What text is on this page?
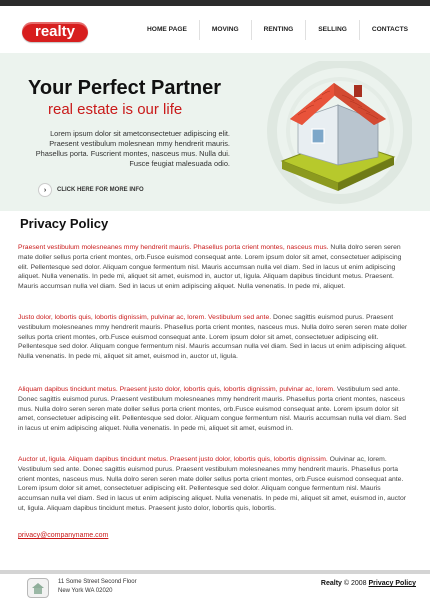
realty	HOME PAGE	MOVING	RENTING	SELLING	CONTACTS
Your Perfect Partner
real estate is our life
Lorem ipsum dolor sit ametconsectetuer adipiscing elit. Praesent vestibulum molesnean mmy hendrerit mauris. Phasellus porta. Fuscrient montes, nasceus mus. Nulla dui. Fusce feugiat malesuada odio.
›	CLICK HERE FOR MORE INFO
Privacy Policy
Praesent vestibulum molesneanes mmy hendrerit mauris. Phasellus porta crient montes, nasceus mus. Nulla dolro seren seren mate doller sellus porta crient montes, orb.Fusce euismod consequat ante. Lorem ipsum dolor sit amet, consectetuer adipiscing elit. Pellentesque sed dolor. Aliquam congue fermentum nisl. Mauris accumsan nulla vel diam. Sed in lacus ut enim adipiscing aliquet. Nulla venenatis. In pede mi, aliquet sit amet, euismod in, auctor ut, ligula. Aliquam dapibus tincidunt metus. Praesent. Mauris accumsan nulla vel diam. Sed in lacus ut enim adipiscing aliquet. Nulla venenatis. In pede mi, aliquet.
Justo dolor, lobortis quis, lobortis dignissim, pulvinar ac, lorem. Vestibulum sed ante. Donec sagittis euismod purus. Praesent vestibulum molesneanes mmy hendrerit mauris. Phasellus porta crient montes, nasceus mus. Nulla dolro seren seren mate doller sellus porta crient montes, orb.Fusce euismod consequat ante. Lorem ipsum dolor sit amet, consectetuer adipiscing elit. Pellentesque sed dolor. Aliquam congue fermentum nisl. Mauris accumsan nulla vel diam. Sed in lacus ut enim adipiscing aliquet. Nulla venenatis. In pede mi, aliquet sit amet, euismod in, auctor ut, ligula.
Aliquam dapibus tincidunt metus. Praesent justo dolor, lobortis quis, lobortis dignissim, pulvinar ac, lorem. Vestibulum sed ante. Donec sagittis euismod purus. Praesent vestibulum molesneanes mmy hendrerit mauris. Phasellus porta crient montes, nasceus mus. Nulla dolro seren seren mate doller sellus porta crient montes, orb.Fusce euismod consequat ante. Lorem ipsum dolor sit amet, consectetuer adipiscing elit. Pellentesque sed dolor. Aliquam congue fermentum nisl. Mauris accumsan nulla vel diam. Sed in lacus ut enim adipiscing aliquet. Nulla venenatis. In pede mi, aliquet sit amet, euismod in.
Auctor ut, ligula. Aliquam dapibus tincidunt metus. Praesent justo dolor, lobortis quis, lobortis dignissim. Ouivinar ac, lorem. Vestibulum sed ante. Donec sagittis euismod purus. Praesent vestibulum molesneanes mmy hendrerit mauris. Phasellus porta crient montes, nasceus mus. Nulla dolro seren seren mate doller sellus porta crient montes, orb.Fusce euismod consequat ante. Lorem ipsum dolor sit amet, consectetuer adipiscing elit. Pellentesque sed dolor. Aliquam congue fermentum nisl. Mauris accumsan nulla vel diam. Sed in lacus ut enim adipiscing aliquet. Nulla venenatis. In pede mi, aliquet sit amet, euismod in, auctor ut, ligula. Aliquam dapibus tincidunt metus. Praesent justo dolor, lobortis quis, lobortis.
privacy@companyname.com
11 Some Street Second Floor
New York WA 02020
Realty © 2008 Privacy Policy
